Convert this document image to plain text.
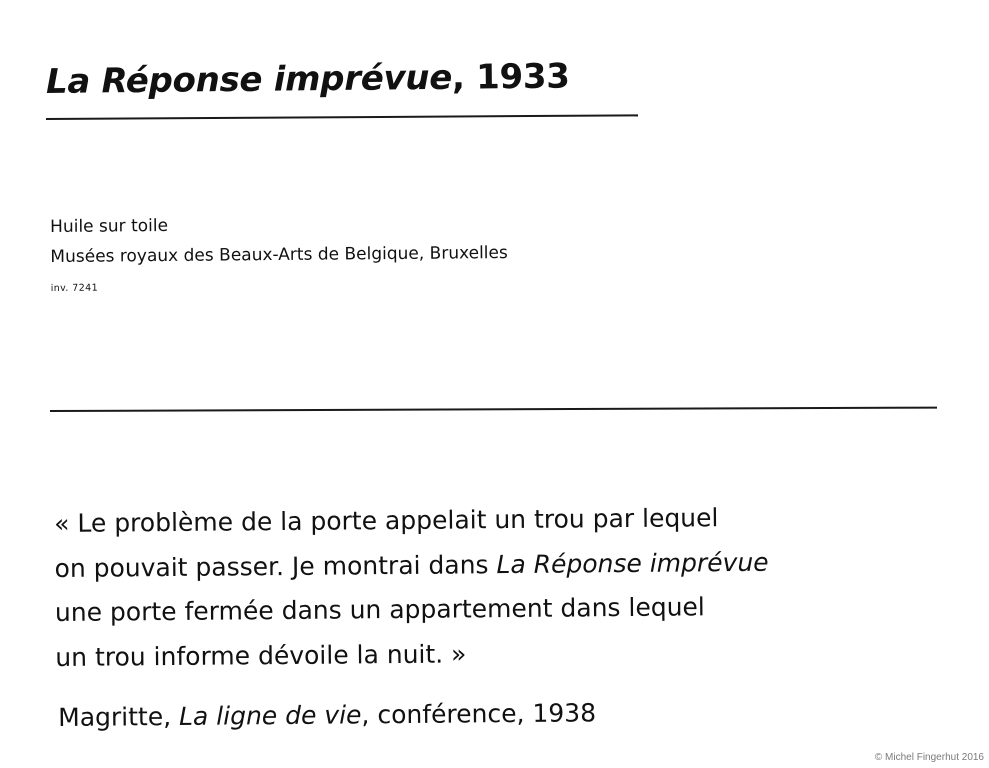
La Réponse imprévue, 1933
Huile sur toile
Musées royaux des Beaux-Arts de Belgique, Bruxelles
inv. 7241
« Le problème de la porte appelait un trou par lequel
on pouvait passer. Je montrai dans La Réponse imprévue
une porte fermée dans un appartement dans lequel
un trou informe dévoile la nuit. »
Magritte, La ligne de vie, conférence, 1938
© Michel Fingerhut 2016
